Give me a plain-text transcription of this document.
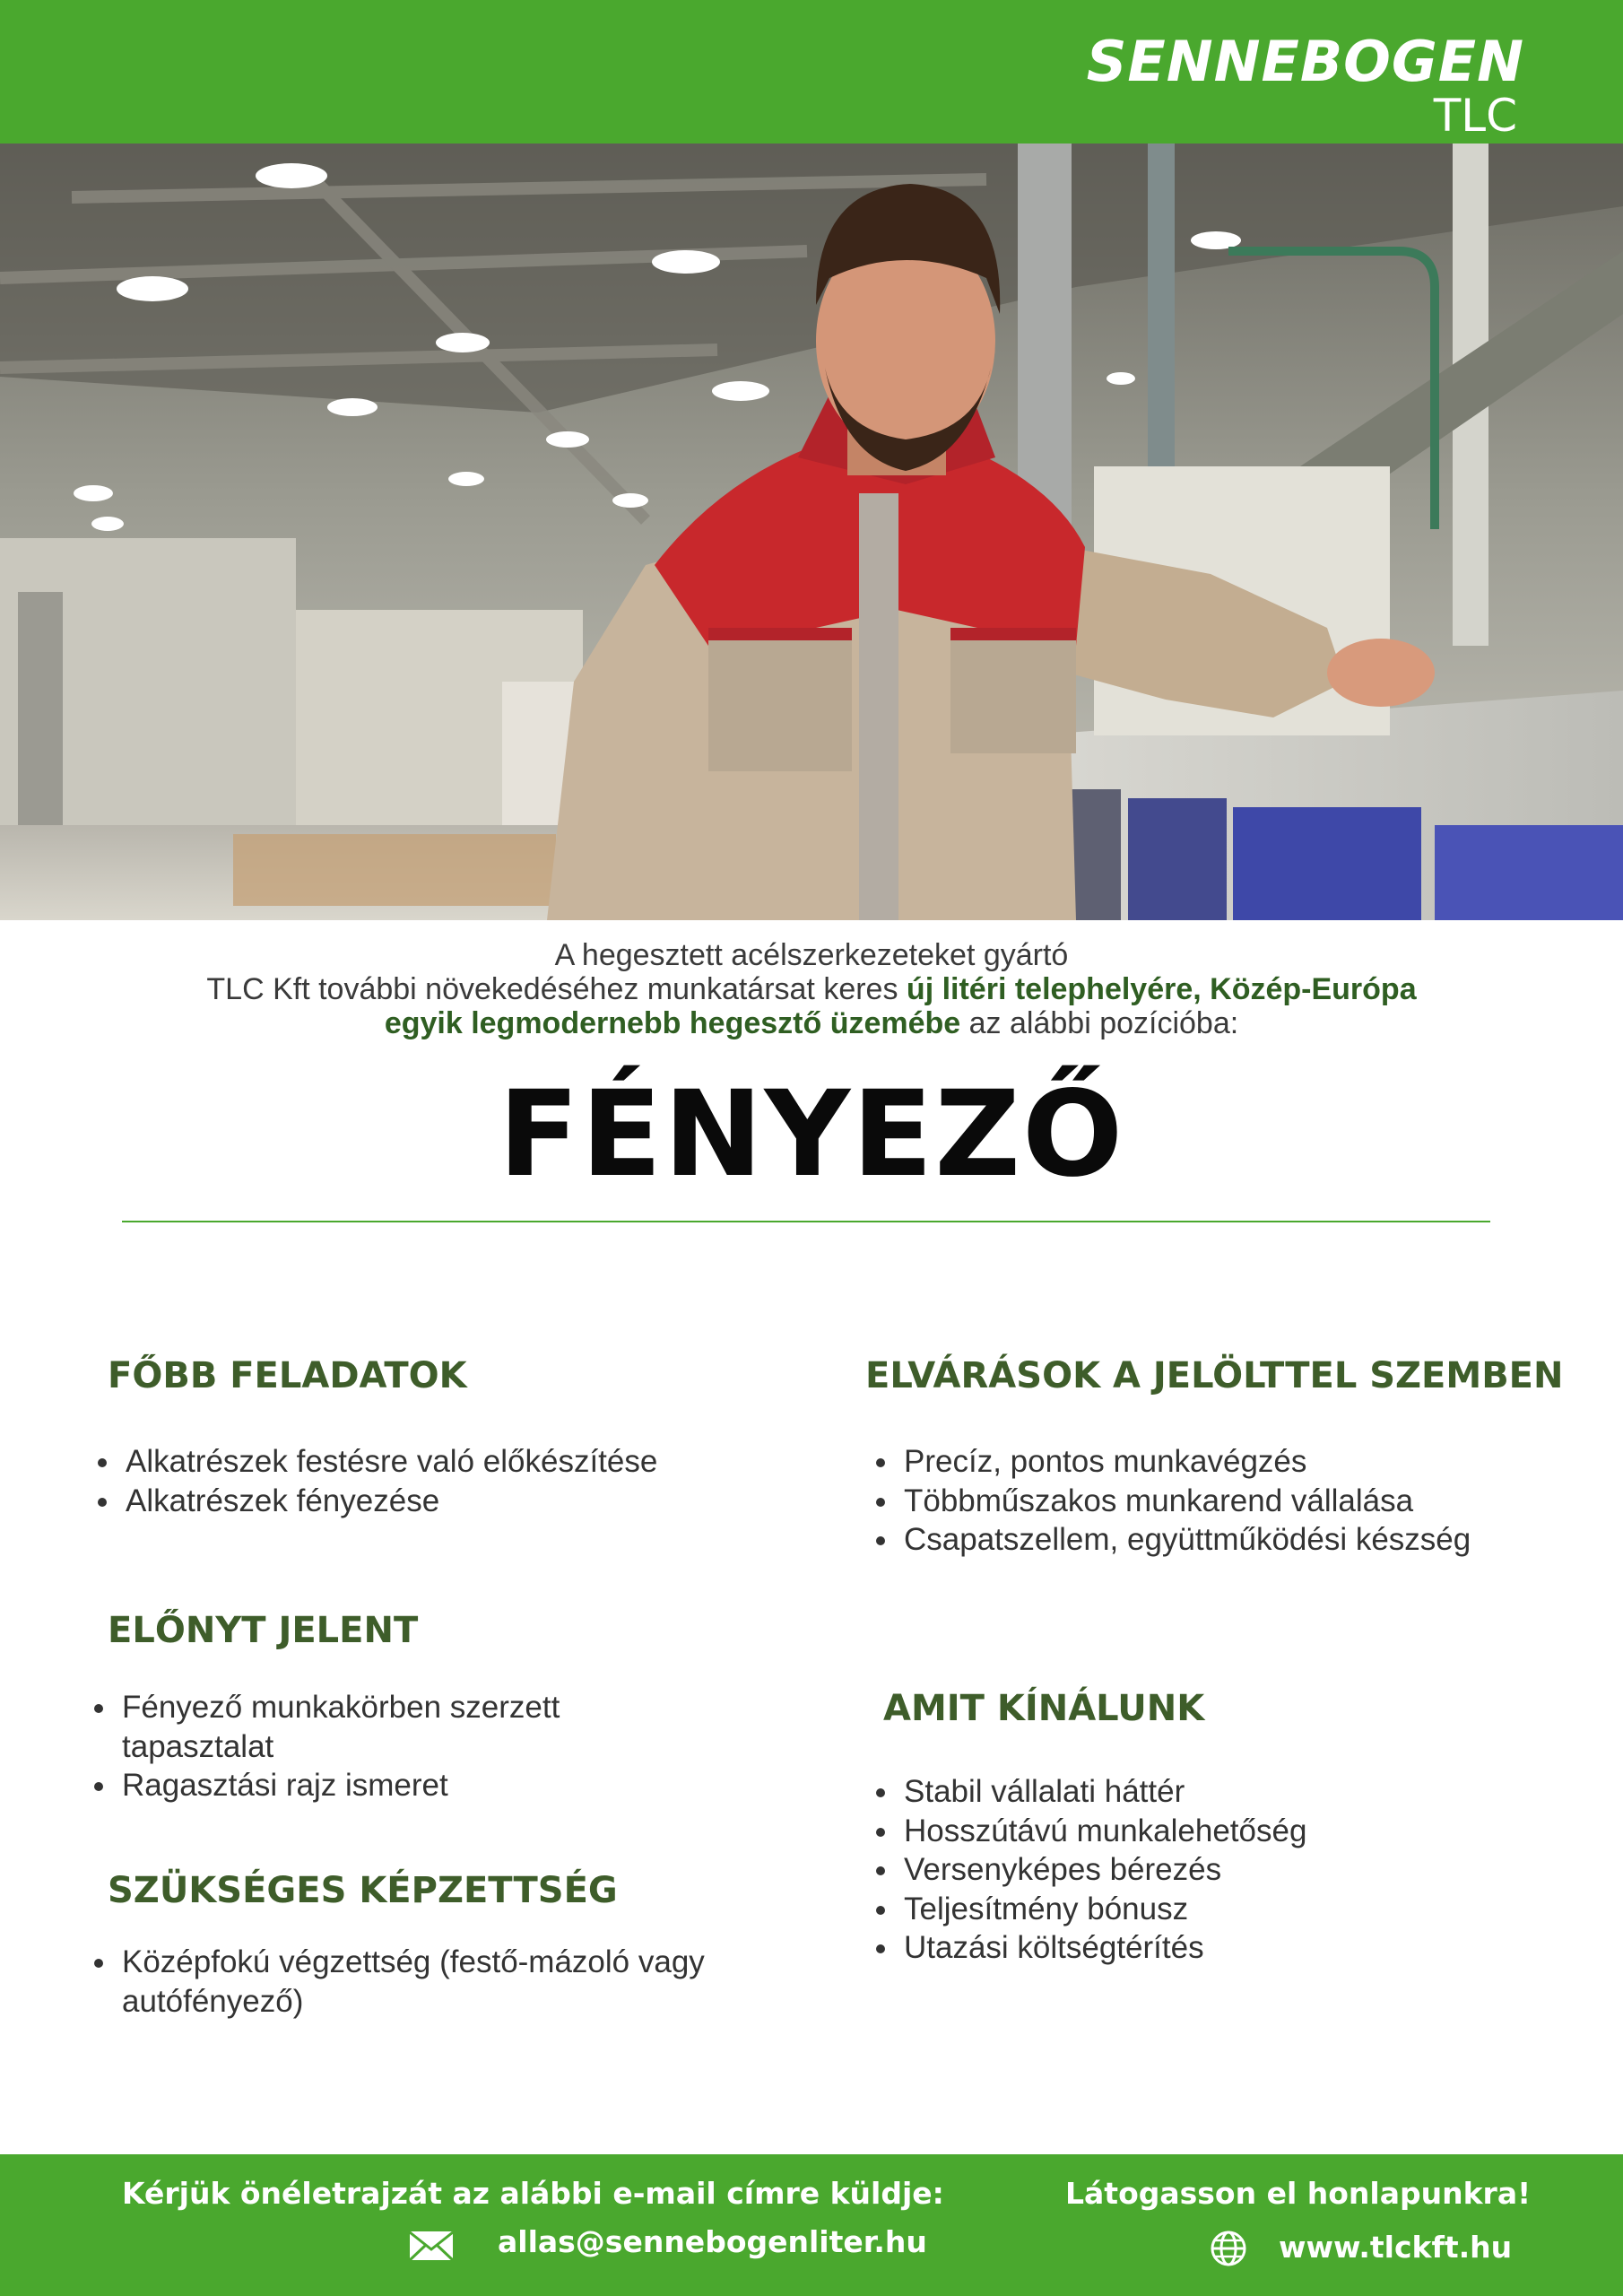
SENNEBOGEN
TLC
A hegesztett acélszerkezeteket gyártó
TLC Kft további növekedéséhez munkatársat keres új litéri telephelyére, Közép-Európa
egyik legmodernebb hegesztő üzemébe az alábbi pozícióba:
FÉNYEZŐ
FŐBB FELADATOK
• Alkatrészek festésre való előkészítése
• Alkatrészek fényezése
ELŐNYT JELENT
• Fényező munkakörben szerzett tapasztalat
• Ragasztási rajz ismeret
SZÜKSÉGES KÉPZETTSÉG
• Középfokú végzettség (festő-mázoló vagy autófényező)
ELVÁRÁSOK A JELÖLTTEL SZEMBEN
• Precíz, pontos munkavégzés
• Többműszakos munkarend vállalása
• Csapatszellem, együttműködési készség
AMIT KÍNÁLUNK
• Stabil vállalati háttér
• Hosszútávú munkalehetőség
• Versenyképes bérezés
• Teljesítmény bónusz
• Utazási költségtérítés
Kérjük önéletrajzát az alábbi e-mail címre küldje:
allas@sennebogenliter.hu
Látogasson el honlapunkra!
www.tlckft.hu
